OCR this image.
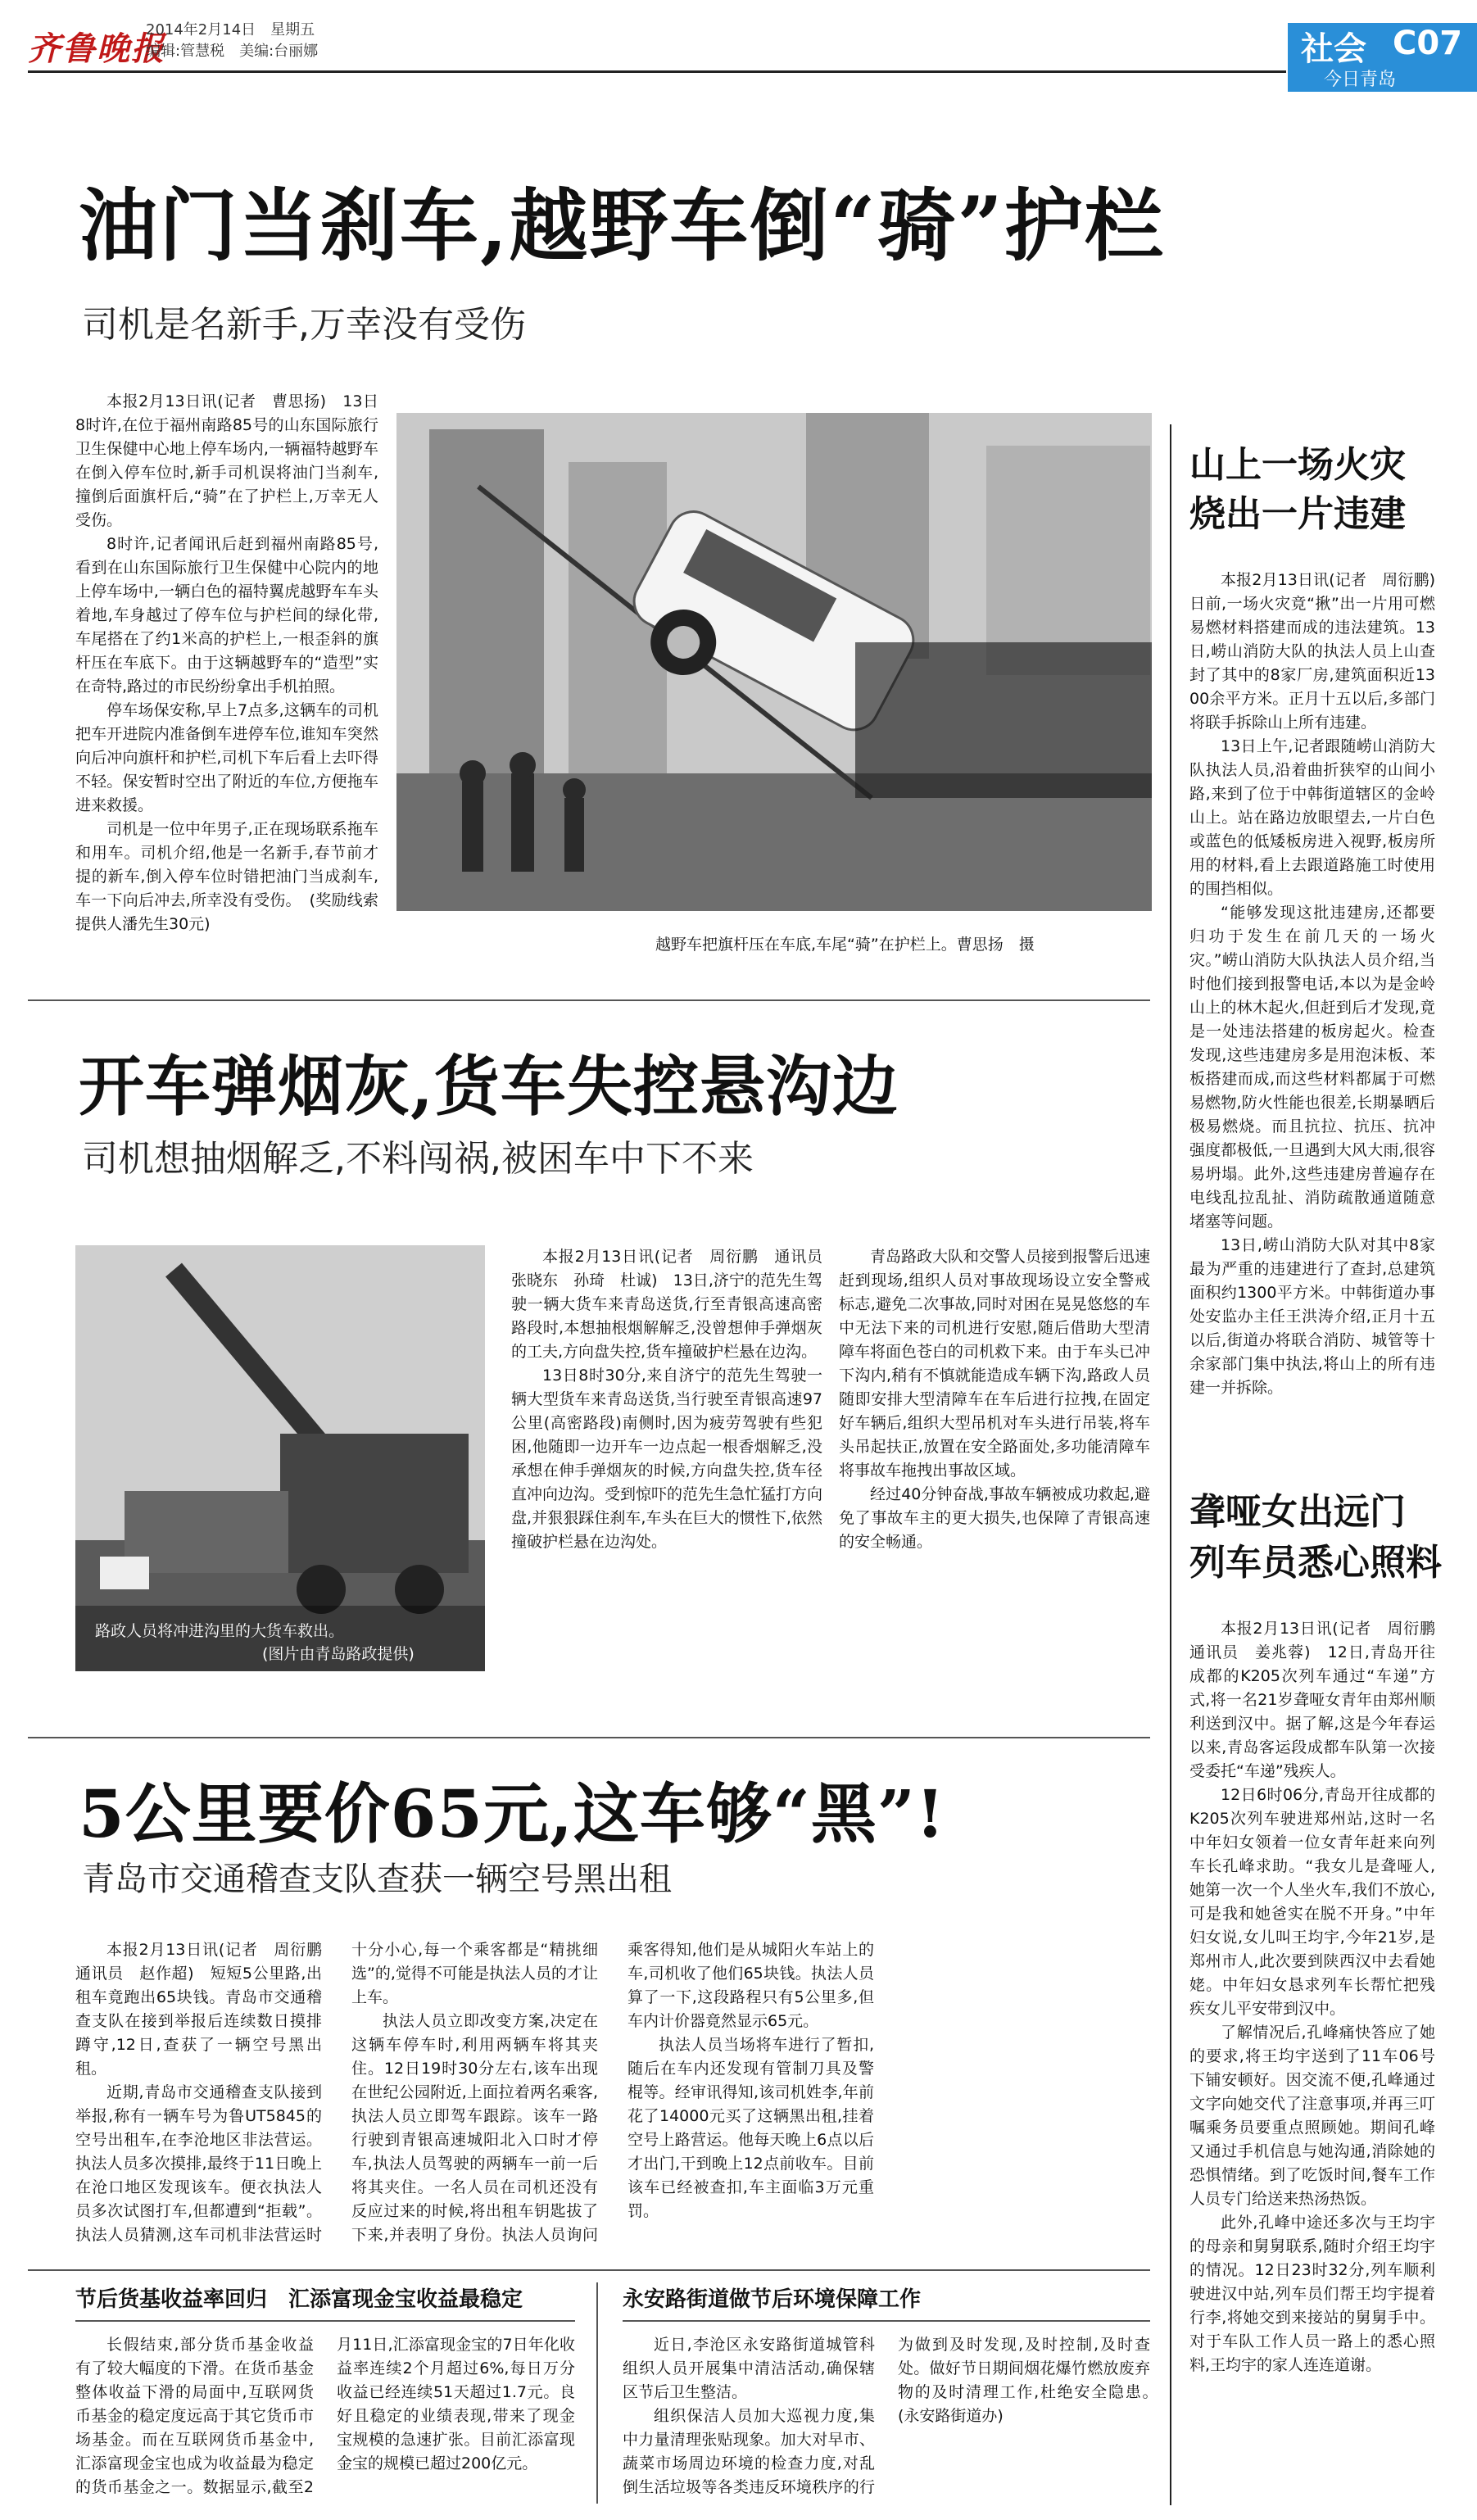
齐鲁晚报
2014年2月14日　星期五
编辑:管慧税　美编:台丽娜	社会 C07
今日青岛
油门当刹车,越野车倒“骑”护栏
司机是名新手,万幸没有受伤

本报2月13日讯(记者　曹思扬)　13日8时许,在位于福州南路85号的山东国际旅行卫生保健中心地上停车场内,一辆福特越野车在倒入停车位时,新手司机误将油门当刹车,撞倒后面旗杆后,“骑”在了护栏上,万幸无人受伤。

8时许,记者闻讯后赶到福州南路85号,看到在山东国际旅行卫生保健中心院内的地上停车场中,一辆白色的福特翼虎越野车车头着地,车身越过了停车位与护栏间的绿化带,车尾搭在了约1米高的护栏上,一根歪斜的旗杆压在车底下。由于这辆越野车的“造型”实在奇特,路过的市民纷纷拿出手机拍照。

停车场保安称,早上7点多,这辆车的司机把车开进院内准备倒车进停车位,谁知车突然向后冲向旗杆和护栏,司机下车后看上去吓得不轻。保安暂时空出了附近的车位,方便拖车进来救援。

司机是一位中年男子,正在现场联系拖车和用车。司机介绍,他是一名新手,春节前才提的新车,倒入停车位时错把油门当成刹车,车一下向后冲去,所幸没有受伤。　(奖励线索提供人潘先生30元)

越野车把旗杆压在车底,车尾“骑”在护栏上。曹思扬　摄
开车弹烟灰,货车失控悬沟边
司机想抽烟解乏,不料闯祸,被困车中下不来
路政人员将冲进沟里的大货车救出。
(图片由青岛路政提供)

本报2月13日讯(记者　周衍鹏　通讯员　张晓东　孙琦　杜诚)　13日,济宁的范先生驾驶一辆大货车来青岛送货,行至青银高速高密路段时,本想抽根烟解解乏,没曾想伸手弹烟灰的工夫,方向盘失控,货车撞破护栏悬在边沟。

13日8时30分,来自济宁的范先生驾驶一辆大型货车来青岛送货,当行驶至青银高速97公里(高密路段)南侧时,因为疲劳驾驶有些犯困,他随即一边开车一边点起一根香烟解乏,没承想在伸手弹烟灰的时候,方向盘失控,货车径直冲向边沟。受到惊吓的范先生急忙猛打方向盘,并狠狠踩住刹车,车头在巨大的惯性下,依然撞破护栏悬在边沟处。

青岛路政大队和交警人员接到报警后迅速赶到现场,组织人员对事故现场设立安全警戒标志,避免二次事故,同时对困在晃晃悠悠的车中无法下来的司机进行安慰,随后借助大型清障车将面色苍白的司机救下来。由于车头已冲下沟内,稍有不慎就能造成车辆下沟,路政人员随即安排大型清障车在车后进行拉拽,在固定好车辆后,组织大型吊机对车头进行吊装,将车头吊起扶正,放置在安全路面处,多功能清障车将事故车拖拽出事故区域。

经过40分钟奋战,事故车辆被成功救起,避免了事故车主的更大损失,也保障了青银高速的安全畅通。

5公里要价65元,这车够“黑”!
青岛市交通稽查支队查获一辆空号黑出租

本报2月13日讯(记者　周衍鹏　通讯员　赵作超)　短短5公里路,出租车竟跑出65块钱。青岛市交通稽查支队在接到举报后连续数日摸排蹲守,12日,查获了一辆空号黑出租。

近期,青岛市交通稽查支队接到举报,称有一辆车号为鲁UT5845的空号出租车,在李沧地区非法营运。执法人员多次摸排,最终于11日晚上在沧口地区发现该车。便衣执法人员多次试图打车,但都遭到“拒载”。执法人员猜测,这车司机非法营运时十分小心,每一个乘客都是“精挑细选”的,觉得不可能是执法人员的才让上车。

执法人员立即改变方案,决定在这辆车停车时,利用两辆车将其夹住。12日19时30分左右,该车出现在世纪公园附近,上面拉着两名乘客,执法人员立即驾车跟踪。该车一路行驶到青银高速城阳北入口时才停车,执法人员驾驶的两辆车一前一后将其夹住。一名人员在司机还没有反应过来的时候,将出租车钥匙拔了下来,并表明了身份。执法人员询问乘客得知,他们是从城阳火车站上的车,司机收了他们65块钱。执法人员算了一下,这段路程只有5公里多,但车内计价器竟然显示65元。

执法人员当场将车进行了暂扣,随后在车内还发现有管制刀具及警棍等。经审讯得知,该司机姓李,年前花了14000元买了这辆黑出租,挂着空号上路营运。他每天晚上6点以后才出门,干到晚上12点前收车。目前该车已经被查扣,车主面临3万元重罚。

节后货基收益率回归　汇添富现金宝收益最稳定

长假结束,部分货币基金收益有了较大幅度的下滑。在货币基金整体收益下滑的局面中,互联网货币基金的稳定度远高于其它货币市场基金。而在互联网货币基金中,汇添富现金宝也成为收益最为稳定的货币基金之一。数据显示,截至2月11日,汇添富现金宝的7日年化收益率连续2个月超过6%,每日万分收益已经连续51天超过1.7元。良好且稳定的业绩表现,带来了现金宝规模的急速扩张。目前汇添富现金宝的规模已超过200亿元。

永安路街道做节后环境保障工作

近日,李沧区永安路街道城管科组织人员开展集中清洁活动,确保辖区节后卫生整洁。

组织保洁人员加大巡视力度,集中力量清理张贴现象。加大对早市、蔬菜市场周边环境的检查力度,对乱倒生活垃圾等各类违反环境秩序的行为做到及时发现,及时控制,及时查处。做好节日期间烟花爆竹燃放废弃物的及时清理工作,杜绝安全隐患。　(永安路街道办)

山上一场火灾
烧出一片违建

本报2月13日讯(记者　周衍鹏)　日前,一场火灾竟“揪”出一片用可燃易燃材料搭建而成的违法建筑。13日,崂山消防大队的执法人员上山查封了其中的8家厂房,建筑面积近1300余平方米。正月十五以后,多部门将联手拆除山上所有违建。

13日上午,记者跟随崂山消防大队执法人员,沿着曲折狭窄的山间小路,来到了位于中韩街道辖区的金岭山上。站在路边放眼望去,一片白色或蓝色的低矮板房进入视野,板房所用的材料,看上去跟道路施工时使用的围挡相似。

“能够发现这批违建房,还都要归功于发生在前几天的一场火灾。”崂山消防大队执法人员介绍,当时他们接到报警电话,本以为是金岭山上的林木起火,但赶到后才发现,竟是一处违法搭建的板房起火。检查发现,这些违建房多是用泡沫板、苯板搭建而成,而这些材料都属于可燃易燃物,防火性能也很差,长期暴晒后极易燃烧。而且抗拉、抗压、抗冲强度都极低,一旦遇到大风大雨,很容易坍塌。此外,这些违建房普遍存在电线乱拉乱扯、消防疏散通道随意堵塞等问题。

13日,崂山消防大队对其中8家最为严重的违建进行了查封,总建筑面积约1300平方米。中韩街道办事处安监办主任王洪涛介绍,正月十五以后,街道办将联合消防、城管等十余家部门集中执法,将山上的所有违建一并拆除。

聋哑女出远门
列车员悉心照料

本报2月13日讯(记者　周衍鹏　通讯员　姜兆蓉)　12日,青岛开往成都的K205次列车通过“车递”方式,将一名21岁聋哑女青年由郑州顺利送到汉中。据了解,这是今年春运以来,青岛客运段成都车队第一次接受委托“车递”残疾人。

12日6时06分,青岛开往成都的K205次列车驶进郑州站,这时一名中年妇女领着一位女青年赶来向列车长孔峰求助。“我女儿是聋哑人,她第一次一个人坐火车,我们不放心,可是我和她爸实在脱不开身。”中年妇女说,女儿叫王均宇,今年21岁,是郑州市人,此次要到陕西汉中去看她姥。中年妇女恳求列车长帮忙把残疾女儿平安带到汉中。

了解情况后,孔峰痛快答应了她的要求,将王均宇送到了11车06号下铺安顿好。因交流不便,孔峰通过文字向她交代了注意事项,并再三叮嘱乘务员要重点照顾她。期间孔峰又通过手机信息与她沟通,消除她的恐惧情绪。到了吃饭时间,餐车工作人员专门给送来热汤热饭。

此外,孔峰中途还多次与王均宇的母亲和舅舅联系,随时介绍王均宇的情况。12日23时32分,列车顺利驶进汉中站,列车员们帮王均宇提着行李,将她交到来接站的舅舅手中。对于车队工作人员一路上的悉心照料,王均宇的家人连连道谢。
